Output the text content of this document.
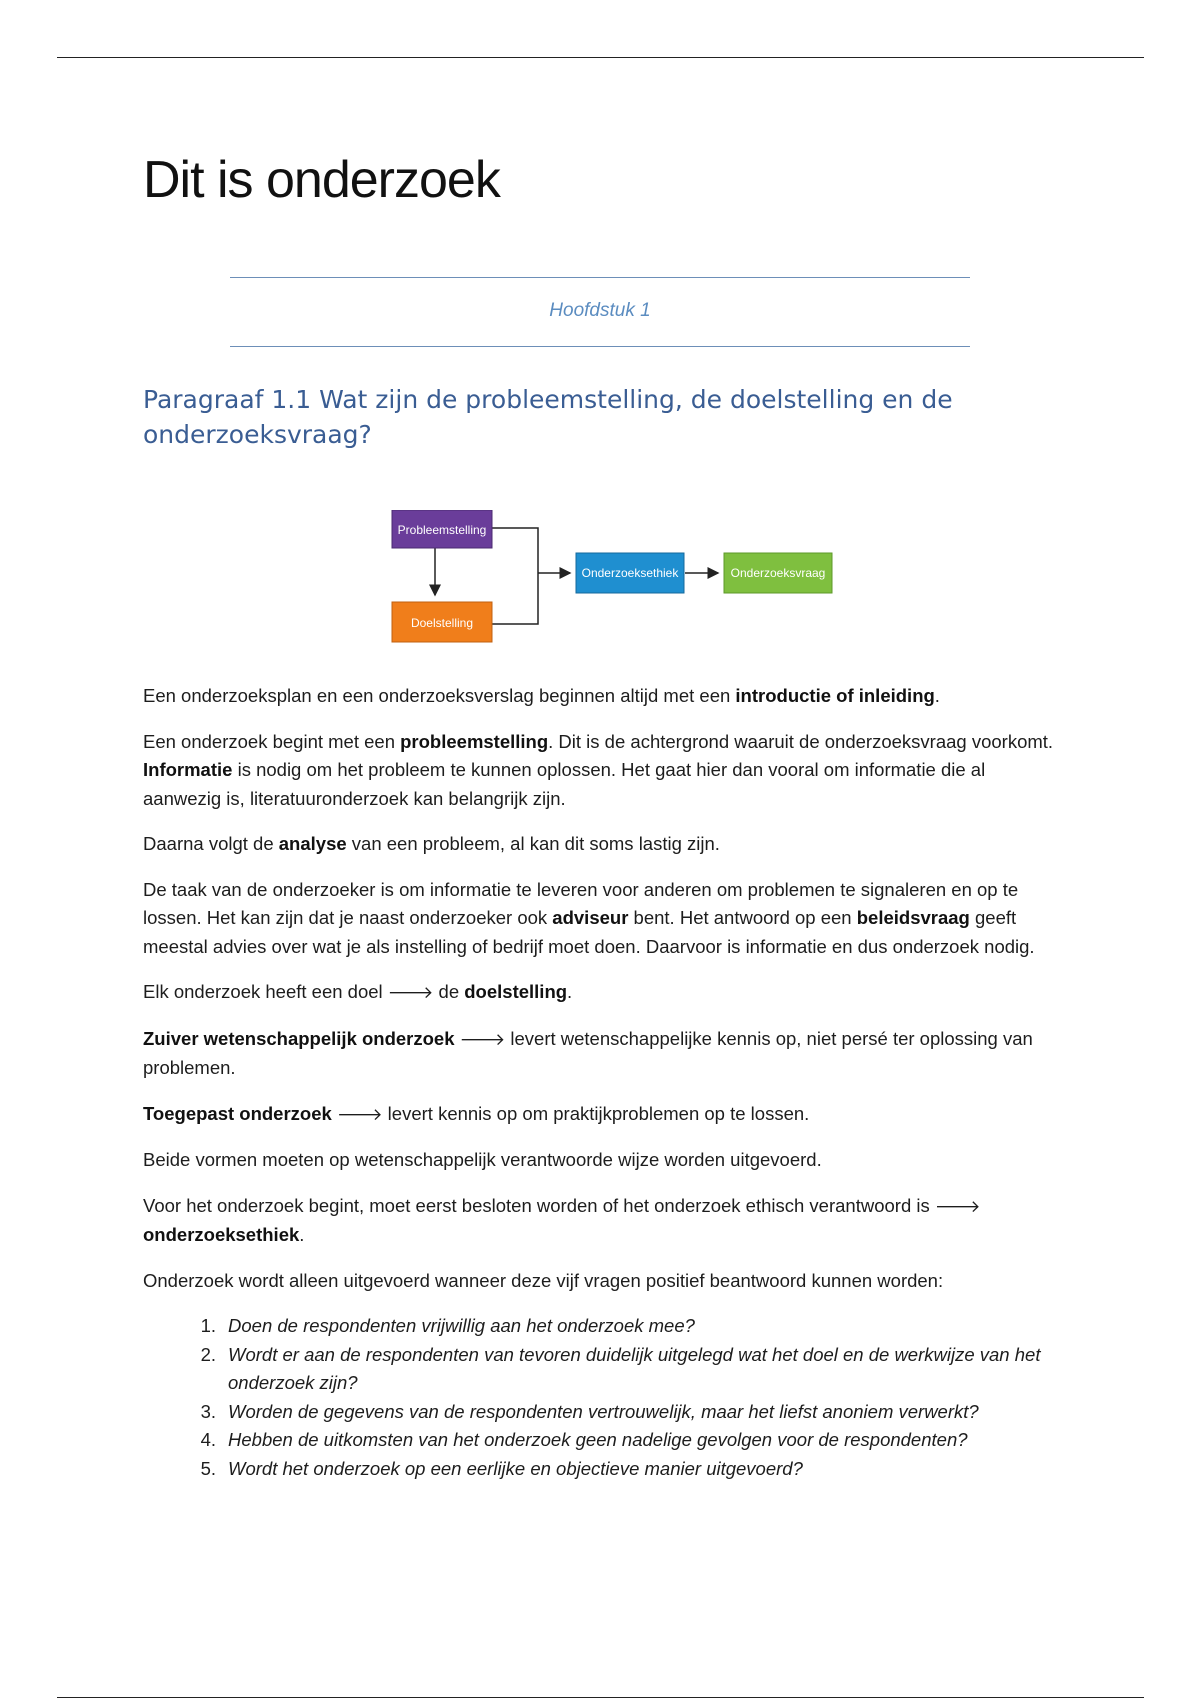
Dit is onderzoek
Hoofdstuk 1
Paragraaf 1.1 Wat zijn de probleemstelling, de doelstelling en de onderzoeksvraag?
Probleemstelling
Doelstelling
Onderzoeksethiek	Onderzoeksvraag

Een onderzoeksplan en een onderzoeksverslag beginnen altijd met een introductie of inleiding.

Een onderzoek begint met een probleemstelling. Dit is de achtergrond waaruit de onderzoeksvraag voorkomt. Informatie is nodig om het probleem te kunnen oplossen. Het gaat hier dan vooral om informatie die al aanwezig is, literatuuronderzoek kan belangrijk zijn.

Daarna volgt de analyse van een probleem, al kan dit soms lastig zijn.

De taak van de onderzoeker is om informatie te leveren voor anderen om problemen te signaleren en op te lossen. Het kan zijn dat je naast onderzoeker ook adviseur bent. Het antwoord op een beleidsvraag geeft meestal advies over wat je als instelling of bedrijf moet doen. Daarvoor is informatie en dus onderzoek nodig.

Elk onderzoek heeft een doel 🡒 de doelstelling.

Zuiver wetenschappelijk onderzoek 🡒 levert wetenschappelijke kennis op, niet persé ter oplossing van problemen.

Toegepast onderzoek 🡒 levert kennis op om praktijkproblemen op te lossen.

Beide vormen moeten op wetenschappelijk verantwoorde wijze worden uitgevoerd.

Voor het onderzoek begint, moet eerst besloten worden of het onderzoek ethisch verantwoord is 🡒 onderzoeksethiek.

Onderzoek wordt alleen uitgevoerd wanneer deze vijf vragen positief beantwoord kunnen worden:

1. Doen de respondenten vrijwillig aan het onderzoek mee?
2. Wordt er aan de respondenten van tevoren duidelijk uitgelegd wat het doel en de werkwijze van het onderzoek zijn?
3. Worden de gegevens van de respondenten vertrouwelijk, maar het liefst anoniem verwerkt?
4. Hebben de uitkomsten van het onderzoek geen nadelige gevolgen voor de respondenten?
5. Wordt het onderzoek op een eerlijke en objectieve manier uitgevoerd?
